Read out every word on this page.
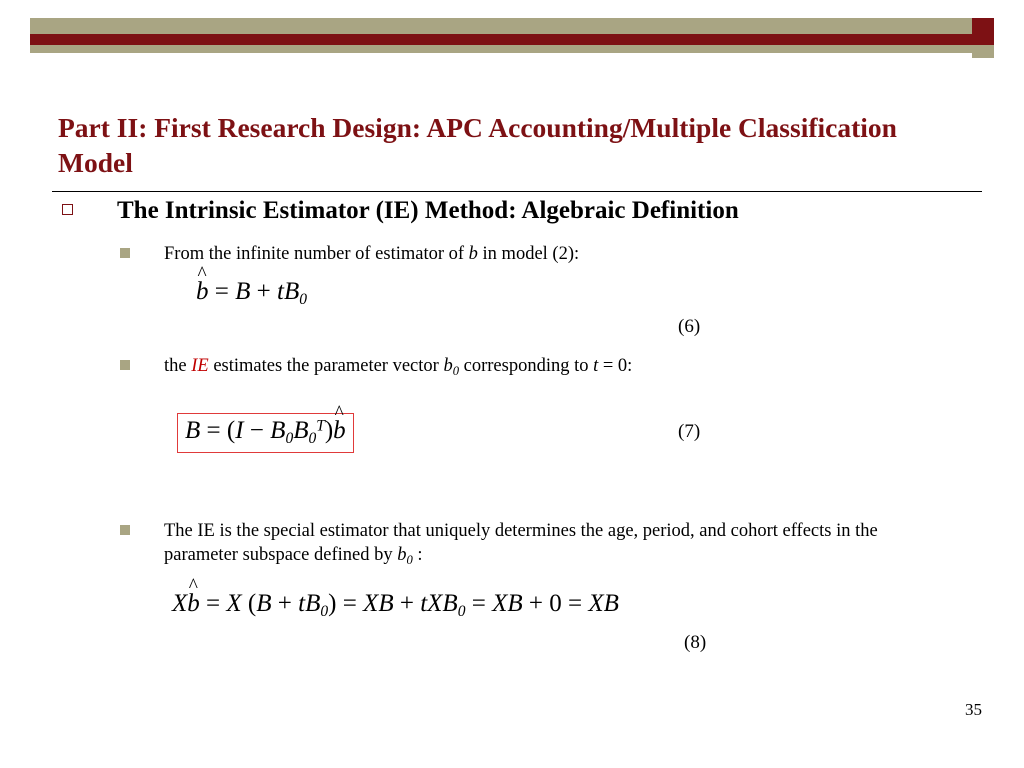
Part II: First Research Design: APC Accounting/Multiple Classification Model
The Intrinsic Estimator (IE) Method: Algebraic Definition
From the infinite number of estimator of b in model (2):
b ^ = $B + tB_0$
(6)
the IE estimates the parameter vector $b_0$ corresponding to t = 0:
$B = (I - B_0B_0^T)b$ ^	(7)
The IE is the special estimator that uniquely determines the age, period, and cohort effects in the parameter subspace defined by $b_0$ :
Xb ^ = X $(B + tB_0)$ = XB + tXB$_0$ = XB + 0 = XB
(8)
35
